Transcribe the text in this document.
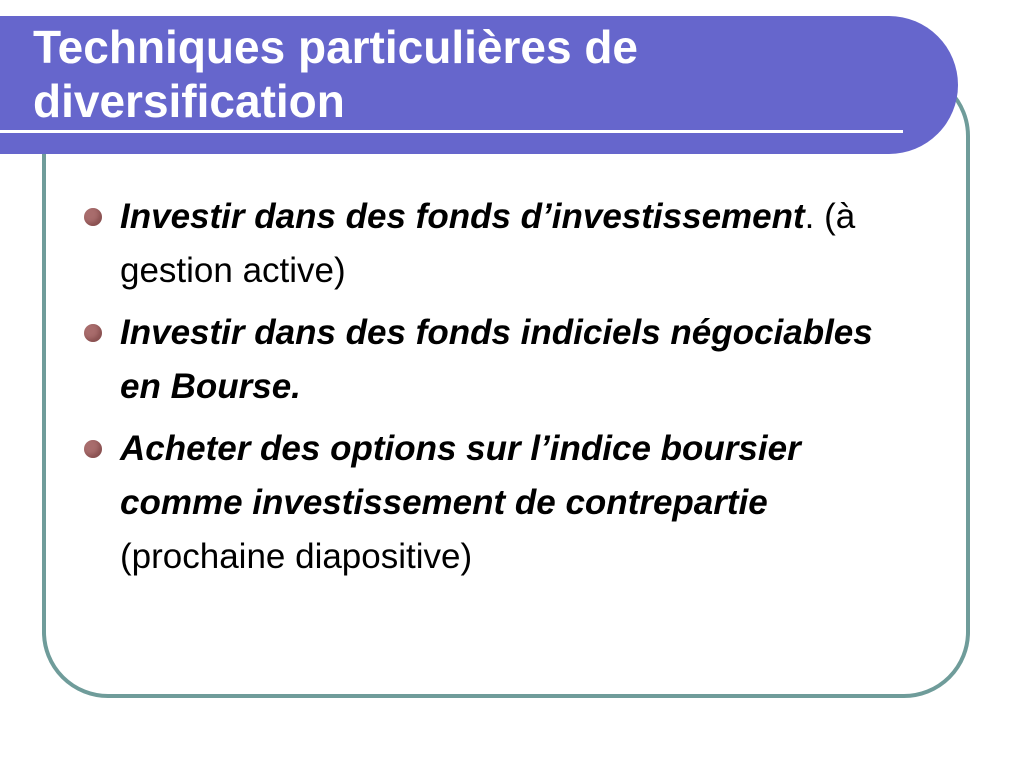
Techniques particulières de diversification
Investir dans des fonds d’investissement. (à gestion active)
Investir dans des fonds indiciels négociables en Bourse.
Acheter des options sur l’indice boursier comme investissement de contrepartie (prochaine diapositive)
